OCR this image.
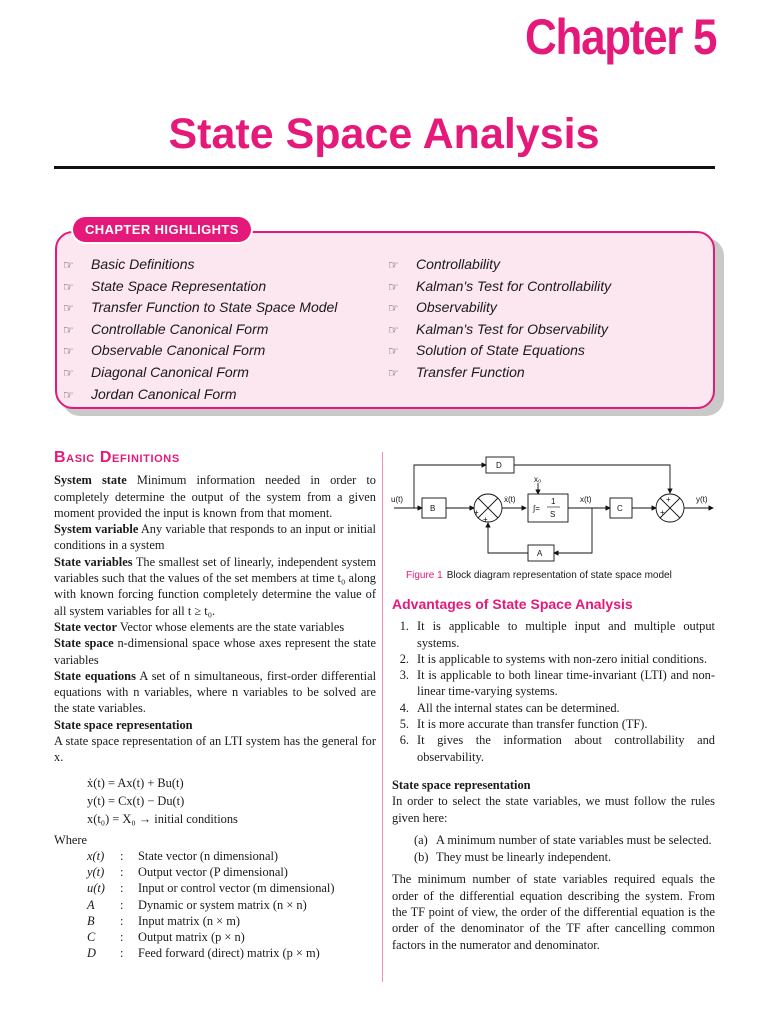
Chapter 5
State Space Analysis
CHAPTER HIGHLIGHTS
☞ Basic Definitions
☞ State Space Representation
☞ Transfer Function to State Space Model
☞ Controllable Canonical Form
☞ Observable Canonical Form
☞ Diagonal Canonical Form
☞ Jordan Canonical Form
☞ Controllability
☞ Kalman's Test for Controllability
☞ Observability
☞ Kalman's Test for Observability
☞ Solution of State Equations
☞ Transfer Function
Basic Definitions

System state Minimum information needed in order to completely determine the output of the system from a given moment provided the input is known from that moment.

System variable Any variable that responds to an input or initial conditions in a system

State variables The smallest set of linearly, independent system variables such that the values of the set members at time t₀ along with known forcing function completely determine the value of all system variables for all t ≥ t₀.

State vector Vector whose elements are the state variables

State space n-dimensional space whose axes represent the state variables

State equations A set of n simultaneous, first-order differential equations with n variables, where n variables to be solved are the state variables.

State space representation

A state space representation of an LTI system has the general for x.

ẋ(t) = Ax(t) + Bu(t)
y(t) = Cx(t) − Du(t)
x(t₀) = X₀ → initial conditions
Where
x(t)	:	State vector (n dimensional)
y(t)	:	Output vector (P dimensional)
u(t)	:	Input or control vector (m dimensional)
A	:	Dynamic or system matrix (n × n)
B	:	Input matrix (n × m)
C	:	Output matrix (p × n)
D	:	Feed forward (direct) matrix (p × m)
D
B	C
A
∫=
1
S
u(t)	ẋ(t)	x(t)	y(t)
x₀
+
+
+
+
Figure 1 Block diagram representation of state space model
Advantages of State Space Analysis
1. It is applicable to multiple input and multiple output systems.
2. It is applicable to systems with non-zero initial conditions.
3. It is applicable to both linear time-invariant (LTI) and non-linear time-varying systems.
4. All the internal states can be determined.
5. It is more accurate than transfer function (TF).
6. It gives the information about controllability and observability.
State space representation

In order to select the state variables, we must follow the rules given here:

(a) A minimum number of state variables must be selected.
(b) They must be linearly independent.

The minimum number of state variables required equals the order of the differential equation describing the system. From the TF point of view, the order of the differential equation is the order of the denominator of the TF after cancelling common factors in the numerator and denominator.
